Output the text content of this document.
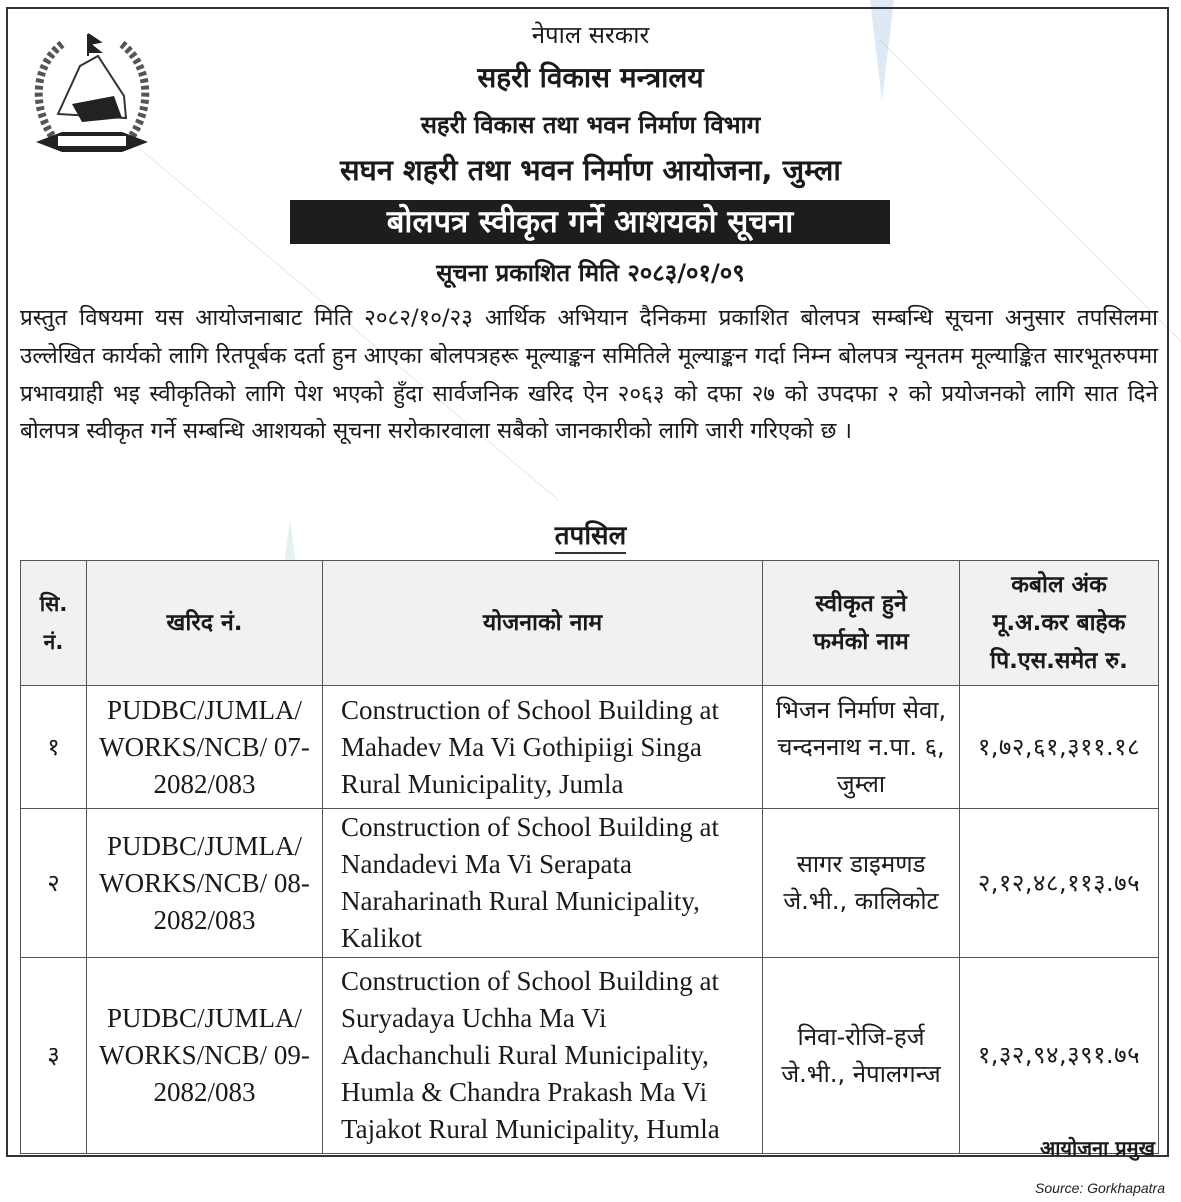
नेपाल सरकार
सहरी विकास मन्त्रालय
सहरी विकास तथा भवन निर्माण विभाग
सघन शहरी तथा भवन निर्माण आयोजना, जुम्ला
बोलपत्र स्वीकृत गर्ने आशयको सूचना
सूचना प्रकाशित मिति २०८३/०१/०९
प्रस्तुत विषयमा यस आयोजनाबाट मिति २०८२/१०/२३ आर्थिक अभियान दैनिकमा प्रकाशित बोलपत्र सम्बन्धि सूचना अनुसार तपसिलमा उल्लेखित कार्यको लागि रितपूर्बक दर्ता हुन आएका बोलपत्रहरू मूल्याङ्कन समितिले मूल्याङ्कन गर्दा निम्न बोलपत्र न्यूनतम मूल्याङ्कित सारभूतरुपमा प्रभावग्राही भइ स्वीकृतिको लागि पेश भएको हुँदा सार्वजनिक खरिद ऐन २०६३ को दफा २७ को उपदफा २ को प्रयोजनको लागि सात दिने बोलपत्र स्वीकृत गर्ने सम्बन्धि आशयको सूचना सरोकारवाला सबैको जानकारीको लागि जारी गरिएको छ ।
तपसिल
सि. नं.	खरिद नं.	योजनाको नाम	स्वीकृत हुने फर्मको नाम	कबोल अंक मू.अ.कर बाहेक पि.एस.समेत रु.
१	PUDBC/JUMLA/ WORKS/NCB/ 07-2082/083	Construction of School Building at Mahadev Ma Vi Gothipiigi Singa Rural Municipality, Jumla	भिजन निर्माण सेवा, चन्दननाथ न.पा. ६, जुम्ला	१,७२,६१,३११.१८
२	PUDBC/JUMLA/ WORKS/NCB/ 08-2082/083	Construction of School Building at Nandadevi Ma Vi Serapata Naraharinath Rural Municipality, Kalikot	सागर डाइमणड जे.भी., कालिकोट	२,१२,४८,११३.७५
३	PUDBC/JUMLA/ WORKS/NCB/ 09-2082/083	Construction of School Building at Suryadaya Uchha Ma Vi Adachanchuli Rural Municipality, Humla & Chandra Prakash Ma Vi Tajakot Rural Municipality, Humla	निवा-रोजि-हर्ज जे.भी., नेपालगन्ज	१,३२,९४,३९१.७५
आयोजना प्रमुख
Source: Gorkhapatra
